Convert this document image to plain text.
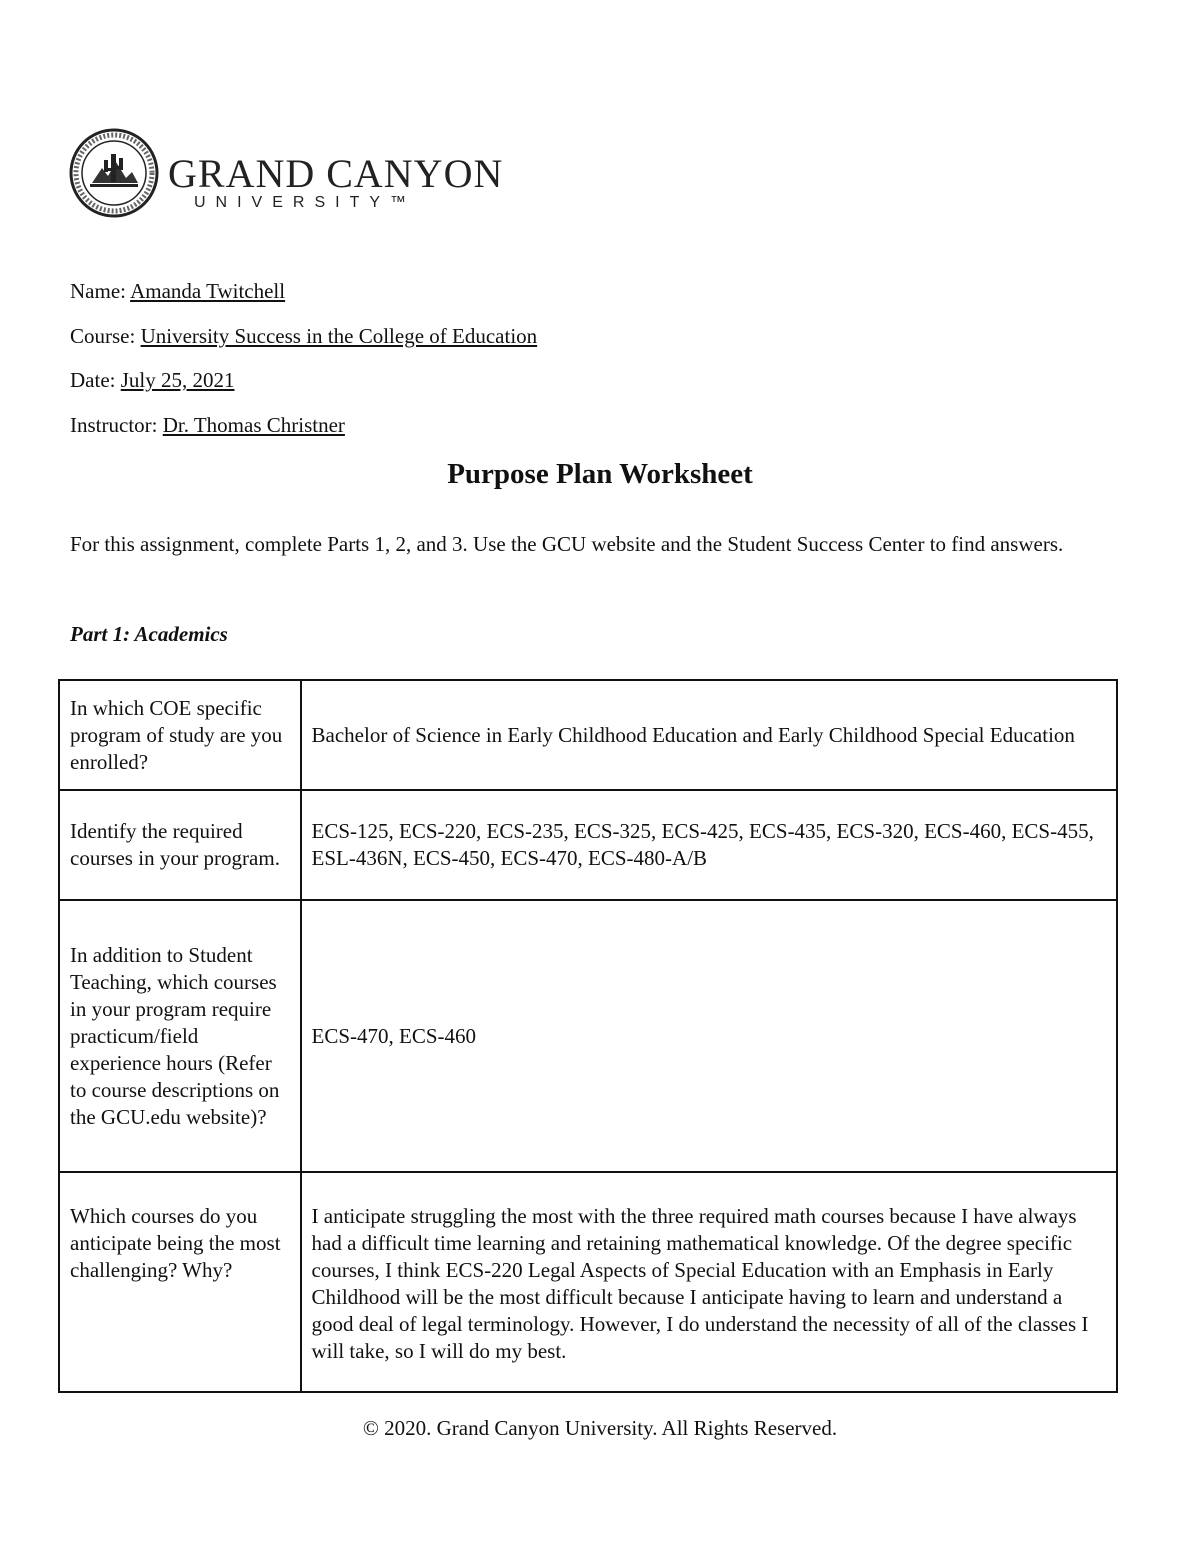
GRAND CANYON
UNIVERSITY™
Name: Amanda Twitchell
Course: University Success in the College of Education
Date: July 25, 2021
Instructor: Dr. Thomas Christner
Purpose Plan Worksheet
For this assignment, complete Parts 1, 2, and 3. Use the GCU website and the Student Success Center to find answers.
Part 1: Academics
In which COE specific program of study are you enrolled?	Bachelor of Science in Early Childhood Education and Early Childhood Special Education
Identify the required courses in your program.	ECS-125, ECS-220, ECS-235, ECS-325, ECS-425, ECS-435, ECS-320, ECS-460, ECS-455, ESL-436N, ECS-450, ECS-470, ECS-480-A/B
In addition to Student Teaching, which courses in your program require practicum/field experience hours (Refer to course descriptions on the GCU.edu website)?	ECS-470, ECS-460
Which courses do you anticipate being the most challenging? Why?	I anticipate struggling the most with the three required math courses because I have always had a difficult time learning and retaining mathematical knowledge. Of the degree specific courses, I think ECS-220 Legal Aspects of Special Education with an Emphasis in Early Childhood will be the most difficult because I anticipate having to learn and understand a good deal of legal terminology. However, I do understand the necessity of all of the classes I will take, so I will do my best.
© 2020. Grand Canyon University. All Rights Reserved.
